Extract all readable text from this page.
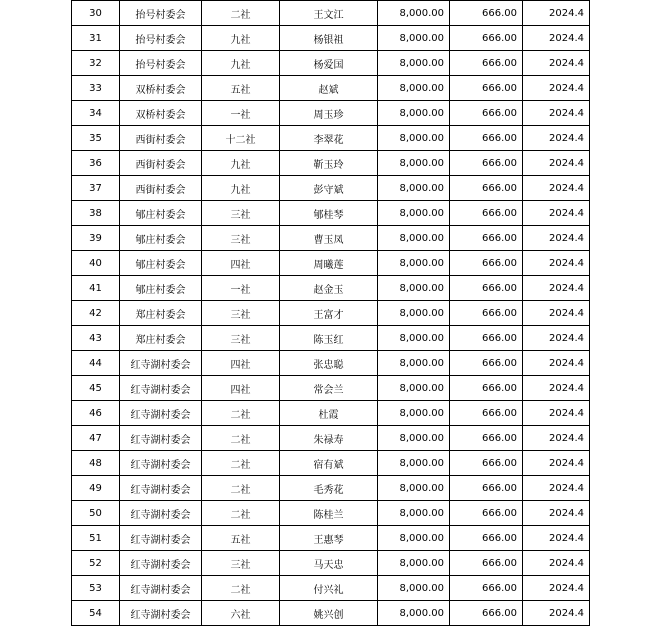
30	抬号村委会	二社	王文江	8,000.00	666.00	2024.4
31	抬号村委会	九社	杨银祖	8,000.00	666.00	2024.4
32	抬号村委会	九社	杨爱国	8,000.00	666.00	2024.4
33	双桥村委会	五社	赵斌	8,000.00	666.00	2024.4
34	双桥村委会	一社	周玉珍	8,000.00	666.00	2024.4
35	西街村委会	十二社	李翠花	8,000.00	666.00	2024.4
36	西街村委会	九社	靳玉玲	8,000.00	666.00	2024.4
37	西街村委会	九社	彭守斌	8,000.00	666.00	2024.4
38	郇庄村委会	三社	郇桂琴	8,000.00	666.00	2024.4
39	郇庄村委会	三社	曹玉凤	8,000.00	666.00	2024.4
40	郇庄村委会	四社	周曦莲	8,000.00	666.00	2024.4
41	郇庄村委会	一社	赵金玉	8,000.00	666.00	2024.4
42	郑庄村委会	三社	王富才	8,000.00	666.00	2024.4
43	郑庄村委会	三社	陈玉红	8,000.00	666.00	2024.4
44	红寺湖村委会	四社	张忠聪	8,000.00	666.00	2024.4
45	红寺湖村委会	四社	常会兰	8,000.00	666.00	2024.4
46	红寺湖村委会	二社	杜霞	8,000.00	666.00	2024.4
47	红寺湖村委会	二社	朱禄寿	8,000.00	666.00	2024.4
48	红寺湖村委会	二社	宿有斌	8,000.00	666.00	2024.4
49	红寺湖村委会	二社	毛秀花	8,000.00	666.00	2024.4
50	红寺湖村委会	二社	陈桂兰	8,000.00	666.00	2024.4
51	红寺湖村委会	五社	王惠琴	8,000.00	666.00	2024.4
52	红寺湖村委会	三社	马天忠	8,000.00	666.00	2024.4
53	红寺湖村委会	二社	付兴礼	8,000.00	666.00	2024.4
54	红寺湖村委会	六社	姚兴创	8,000.00	666.00	2024.4
